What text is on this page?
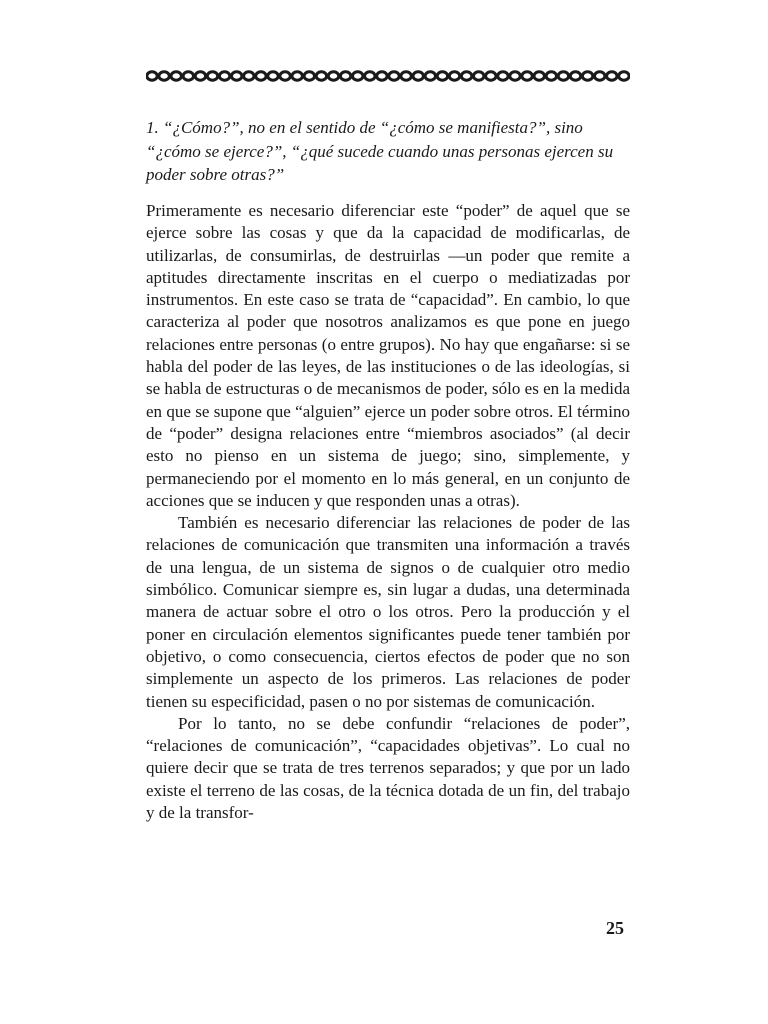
1. “¿Cómo?”, no en el sentido de “¿cómo se manifiesta?”, sino “¿cómo se ejerce?”, “¿qué sucede cuando unas personas ejercen su poder sobre otras?”

Primeramente es necesario diferenciar este “poder” de aquel que se ejerce sobre las cosas y que da la capacidad de modificarlas, de utilizarlas, de consumirlas, de destruirlas —un poder que remite a aptitudes directamente inscritas en el cuerpo o mediatizadas por instrumentos. En este caso se trata de “capacidad”. En cambio, lo que caracteriza al poder que nosotros analizamos es que pone en juego relaciones entre personas (o entre grupos). No hay que engañarse: si se habla del poder de las leyes, de las instituciones o de las ideologías, si se habla de estructuras o de mecanismos de poder, sólo es en la medida en que se supone que “alguien” ejerce un poder sobre otros. El término de “poder” designa relaciones entre “miembros asociados” (al decir esto no pienso en un sistema de juego; sino, simplemente, y permaneciendo por el momento en lo más general, en un conjunto de acciones que se inducen y que responden unas a otras).

También es necesario diferenciar las relaciones de poder de las relaciones de comunicación que transmiten una información a través de una lengua, de un sistema de signos o de cualquier otro medio simbólico. Comunicar siempre es, sin lugar a dudas, una determinada manera de actuar sobre el otro o los otros. Pero la producción y el poner en circulación elementos significantes puede tener también por objetivo, o como consecuencia, ciertos efectos de poder que no son simplemente un aspecto de los primeros. Las relaciones de poder tienen su especificidad, pasen o no por sistemas de comunicación.

Por lo tanto, no se debe confundir “relaciones de poder”, “relaciones de comunicación”, “capacidades objetivas”. Lo cual no quiere decir que se trata de tres terrenos separados; y que por un lado existe el terreno de las cosas, de la técnica dotada de un fin, del trabajo y de la transfor-

25
